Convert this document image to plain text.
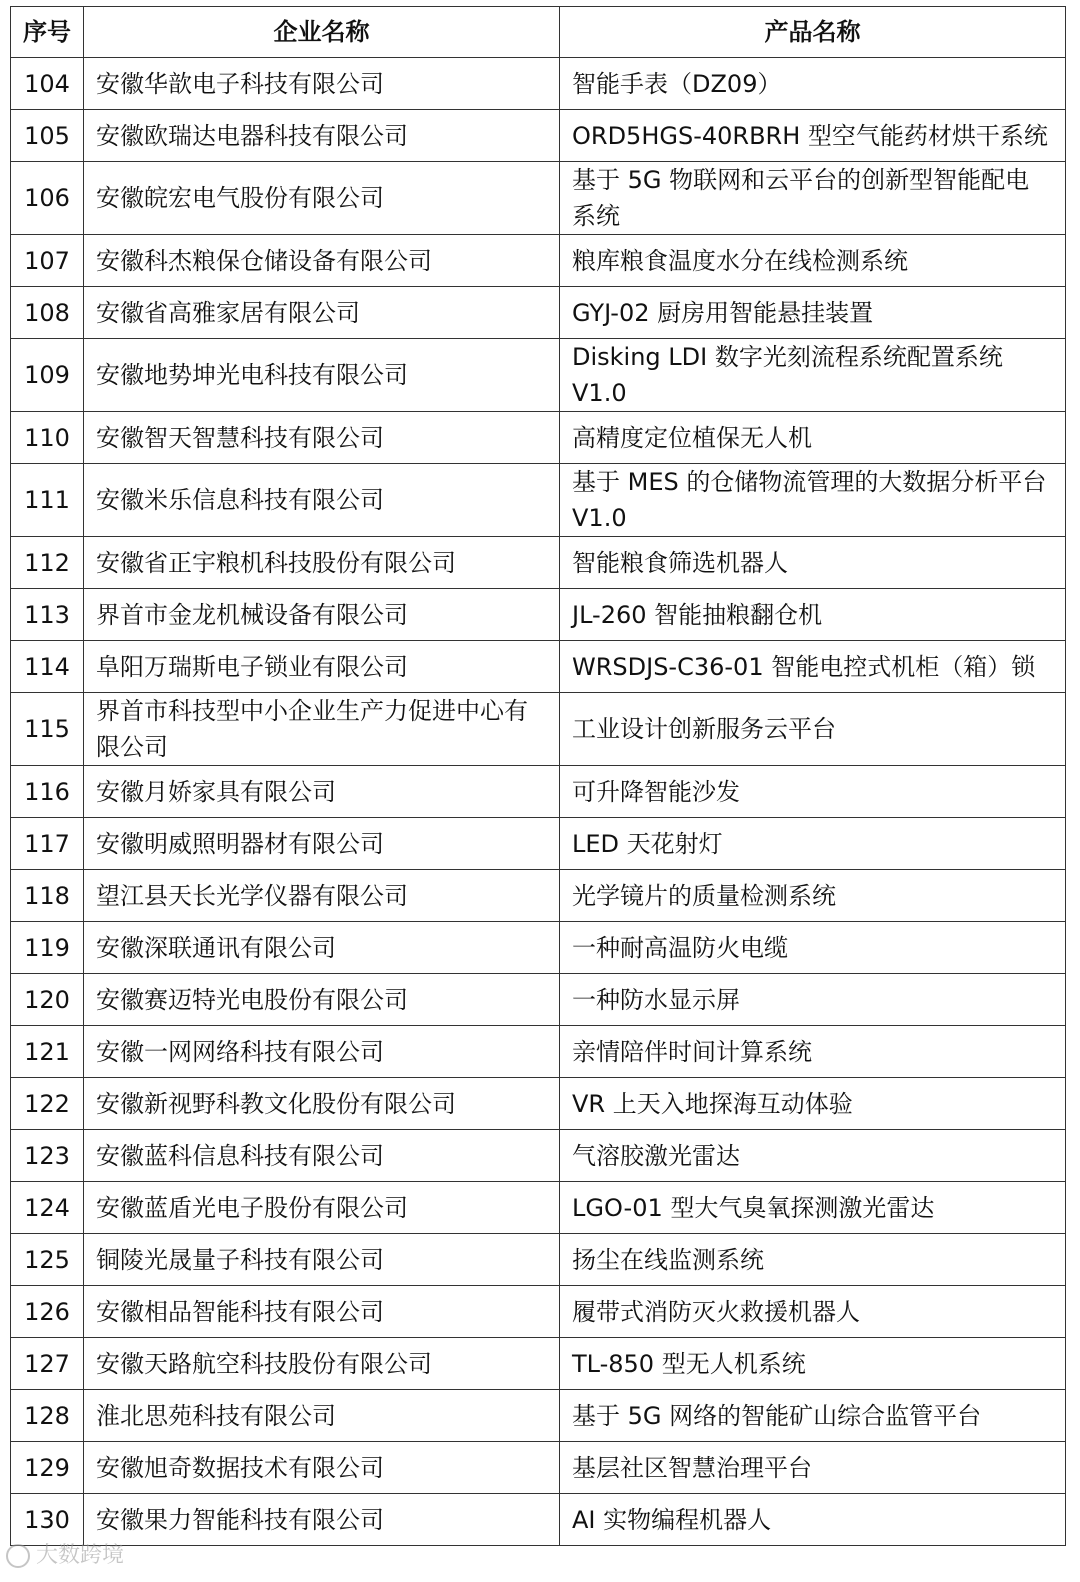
序号	企业名称	产品名称
104	安徽华歆电子科技有限公司	智能手表（DZ09）
105	安徽欧瑞达电器科技有限公司	ORD5HGS-40RBRH 型空气能药材烘干系统
106	安徽皖宏电气股份有限公司	基于 5G 物联网和云平台的创新型智能配电系统
107	安徽科杰粮保仓储设备有限公司	粮库粮食温度水分在线检测系统
108	安徽省高雅家居有限公司	GYJ-02 厨房用智能悬挂装置
109	安徽地势坤光电科技有限公司	Disking LDI 数字光刻流程系统配置系统 V1.0
110	安徽智天智慧科技有限公司	高精度定位植保无人机
111	安徽米乐信息科技有限公司	基于 MES 的仓储物流管理的大数据分析平台 V1.0
112	安徽省正宇粮机科技股份有限公司	智能粮食筛选机器人
113	界首市金龙机械设备有限公司	JL-260 智能抽粮翻仓机
114	阜阳万瑞斯电子锁业有限公司	WRSDJS-C36-01 智能电控式机柜（箱）锁
115	界首市科技型中小企业生产力促进中心有限公司	工业设计创新服务云平台
116	安徽月娇家具有限公司	可升降智能沙发
117	安徽明威照明器材有限公司	LED 天花射灯
118	望江县天长光学仪器有限公司	光学镜片的质量检测系统
119	安徽深联通讯有限公司	一种耐高温防火电缆
120	安徽赛迈特光电股份有限公司	一种防水显示屏
121	安徽一网网络科技有限公司	亲情陪伴时间计算系统
122	安徽新视野科教文化股份有限公司	VR 上天入地探海互动体验
123	安徽蓝科信息科技有限公司	气溶胶激光雷达
124	安徽蓝盾光电子股份有限公司	LGO-01 型大气臭氧探测激光雷达
125	铜陵光晟量子科技有限公司	扬尘在线监测系统
126	安徽相品智能科技有限公司	履带式消防灭火救援机器人
127	安徽天路航空科技股份有限公司	TL-850 型无人机系统
128	淮北思苑科技有限公司	基于 5G 网络的智能矿山综合监管平台
129	安徽旭奇数据技术有限公司	基层社区智慧治理平台
130	安徽果力智能科技有限公司	AI 实物编程机器人
大数跨境
